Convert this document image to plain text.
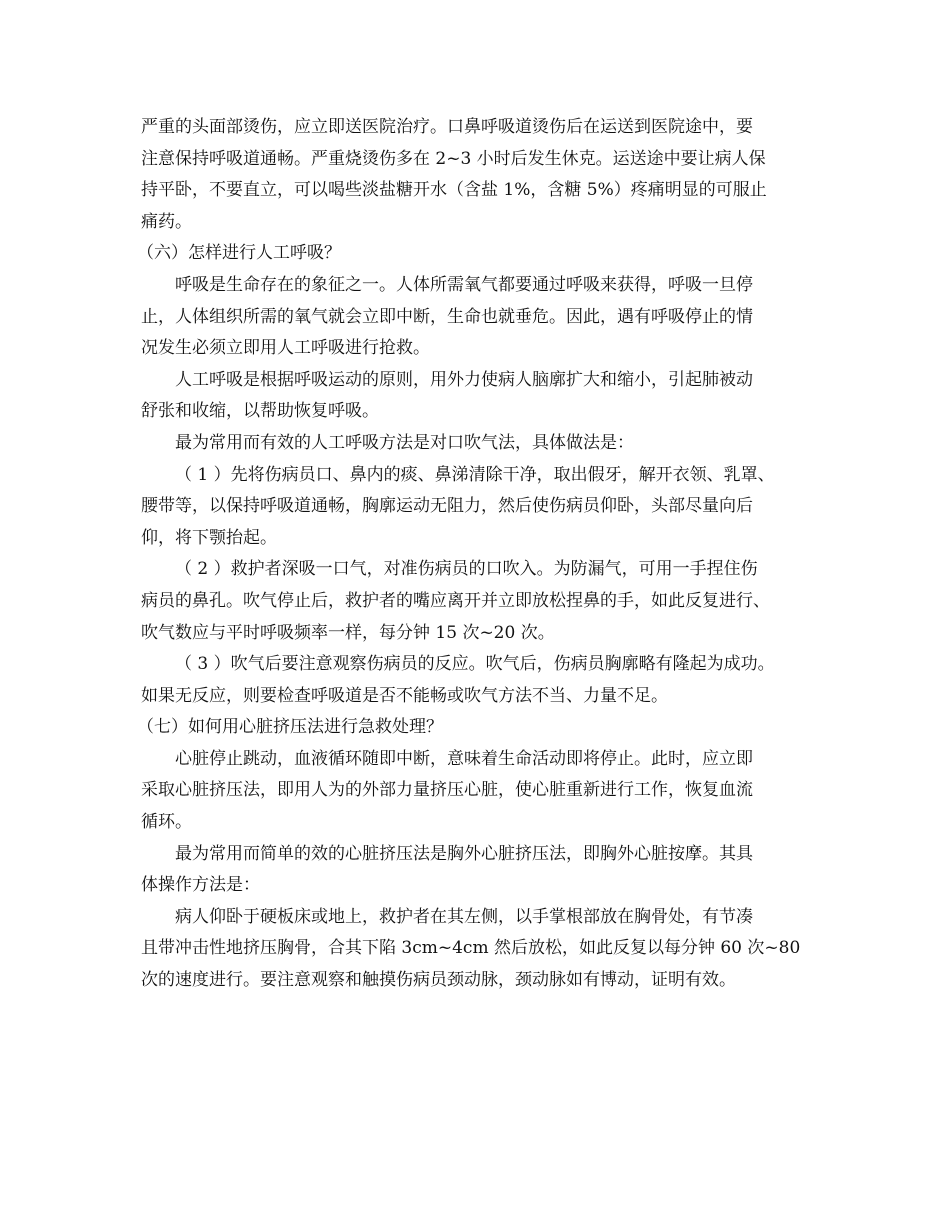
严重的头面部烫伤，应立即送医院治疗。口鼻呼吸道烫伤后在运送到医院途中，要
注意保持呼吸道通畅。严重烧烫伤多在 2~3 小时后发生休克。运送途中要让病人保
持平卧，不要直立，可以喝些淡盐糖开水（含盐 1%，含糖 5%）疼痛明显的可服止
痛药。
（六）怎样进行人工呼吸？
呼吸是生命存在的象征之一。人体所需氧气都要通过呼吸来获得，呼吸一旦停
止，人体组织所需的氧气就会立即中断，生命也就垂危。因此，遇有呼吸停止的情
况发生必须立即用人工呼吸进行抢救。
人工呼吸是根据呼吸运动的原则，用外力使病人脑廓扩大和缩小，引起肺被动
舒张和收缩，以帮助恢复呼吸。
最为常用而有效的人工呼吸方法是对口吹气法，具体做法是：
（ 1 ）先将伤病员口、鼻内的痰、鼻涕清除干净，取出假牙，解开衣领、乳罩、
腰带等，以保持呼吸道通畅，胸廓运动无阻力，然后使伤病员仰卧，头部尽量向后
仰，将下颚抬起。
（ 2 ）救护者深吸一口气，对准伤病员的口吹入。为防漏气，可用一手捏住伤
病员的鼻孔。吹气停止后，救护者的嘴应离开并立即放松捏鼻的手，如此反复进行、
吹气数应与平时呼吸频率一样，每分钟 15 次~20 次。
（ 3 ）吹气后要注意观察伤病员的反应。吹气后，伤病员胸廓略有隆起为成功。
如果无反应，则要检查呼吸道是否不能畅或吹气方法不当、力量不足。
（七）如何用心脏挤压法进行急救处理？
心脏停止跳动，血液循环随即中断，意味着生命活动即将停止。此时，应立即
采取心脏挤压法，即用人为的外部力量挤压心脏，使心脏重新进行工作，恢复血流
循环。
最为常用而简单的效的心脏挤压法是胸外心脏挤压法，即胸外心脏按摩。其具
体操作方法是：
病人仰卧于硬板床或地上，救护者在其左侧，以手掌根部放在胸骨处，有节凑
且带冲击性地挤压胸骨，合其下陷 3cm~4cm 然后放松，如此反复以每分钟 60 次~80
次的速度进行。要注意观察和触摸伤病员颈动脉，颈动脉如有博动，证明有效。
